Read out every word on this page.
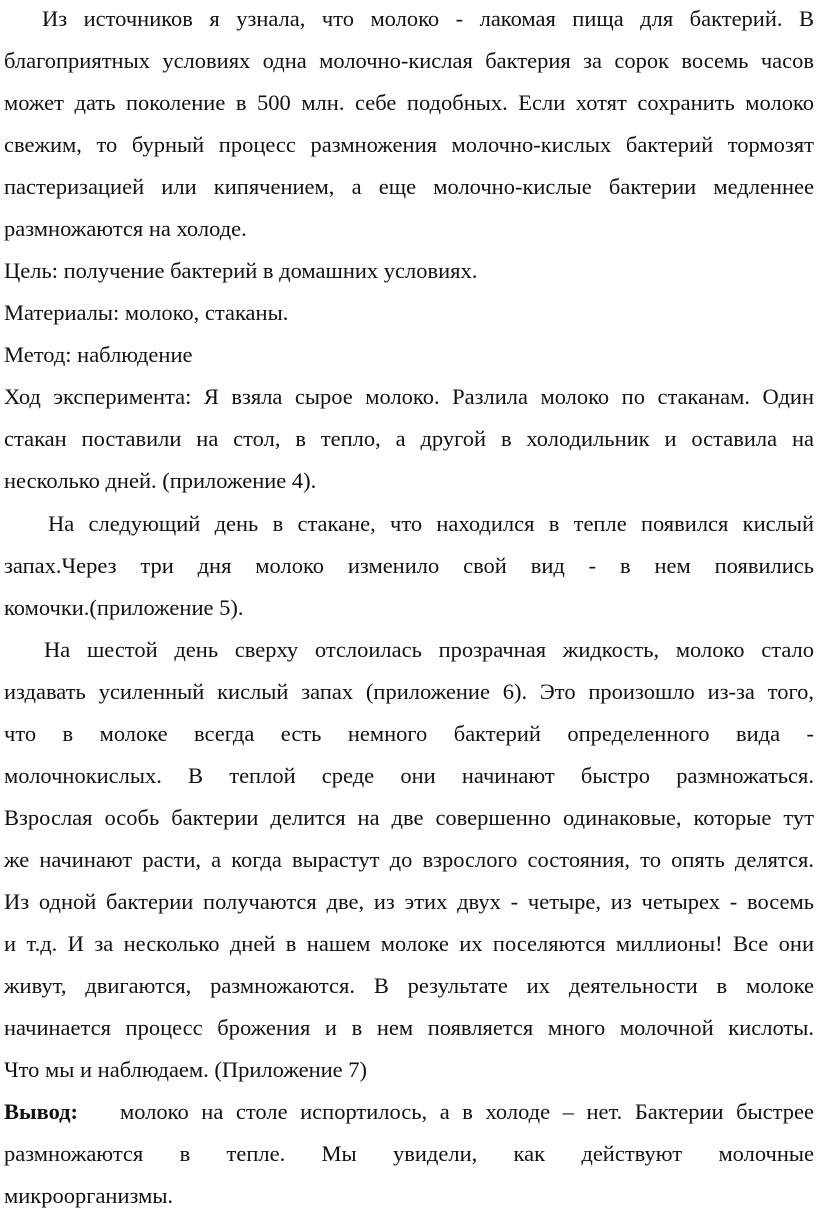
Из источников я узнала, что молоко - лакомая пища для бактерий. В
благоприятных условиях одна молочно-кислая бактерия за сорок восемь часов
может дать поколение в 500 млн. себе подобных. Если хотят сохранить молоко
свежим, то бурный процесс размножения молочно-кислых бактерий тормозят
пастеризацией или кипячением, а еще молочно-кислые бактерии медленнее
размножаются на холоде.
Цель: получение бактерий в домашних условиях.
Материалы: молоко, стаканы.
Метод: наблюдение
Ход эксперимента: Я взяла сырое молоко. Разлила молоко по стаканам. Один
стакан поставили на стол, в тепло, а другой в холодильник и оставила на
несколько дней. (приложение 4).
На следующий день в стакане, что находился в тепле появился кислый
запах.Через три дня молоко изменило свой вид - в нем появились
комочки.(приложение 5).
На шестой день сверху отслоилась прозрачная жидкость, молоко стало
издавать усиленный кислый запах (приложение 6). Это произошло из-за того,
что в молоке всегда есть немного бактерий определенного вида -
молочнокислых. В теплой среде они начинают быстро размножаться.
Взрослая особь бактерии делится на две совершенно одинаковые, которые тут
же начинают расти, а когда вырастут до взрослого состояния, то опять делятся.
Из одной бактерии получаются две, из этих двух - четыре, из четырех - восемь
и т.д. И за несколько дней в нашем молоке их поселяются миллионы! Все они
живут, двигаются, размножаются. В результате их деятельности в молоке
начинается процесс брожения и в нем появляется много молочной кислоты.
Что мы и наблюдаем. (Приложение 7)
Вывод:	молоко на столе испортилось, а в холоде – нет. Бактерии быстрее
размножаются в тепле. Мы увидели, как действуют молочные
микроорганизмы.
